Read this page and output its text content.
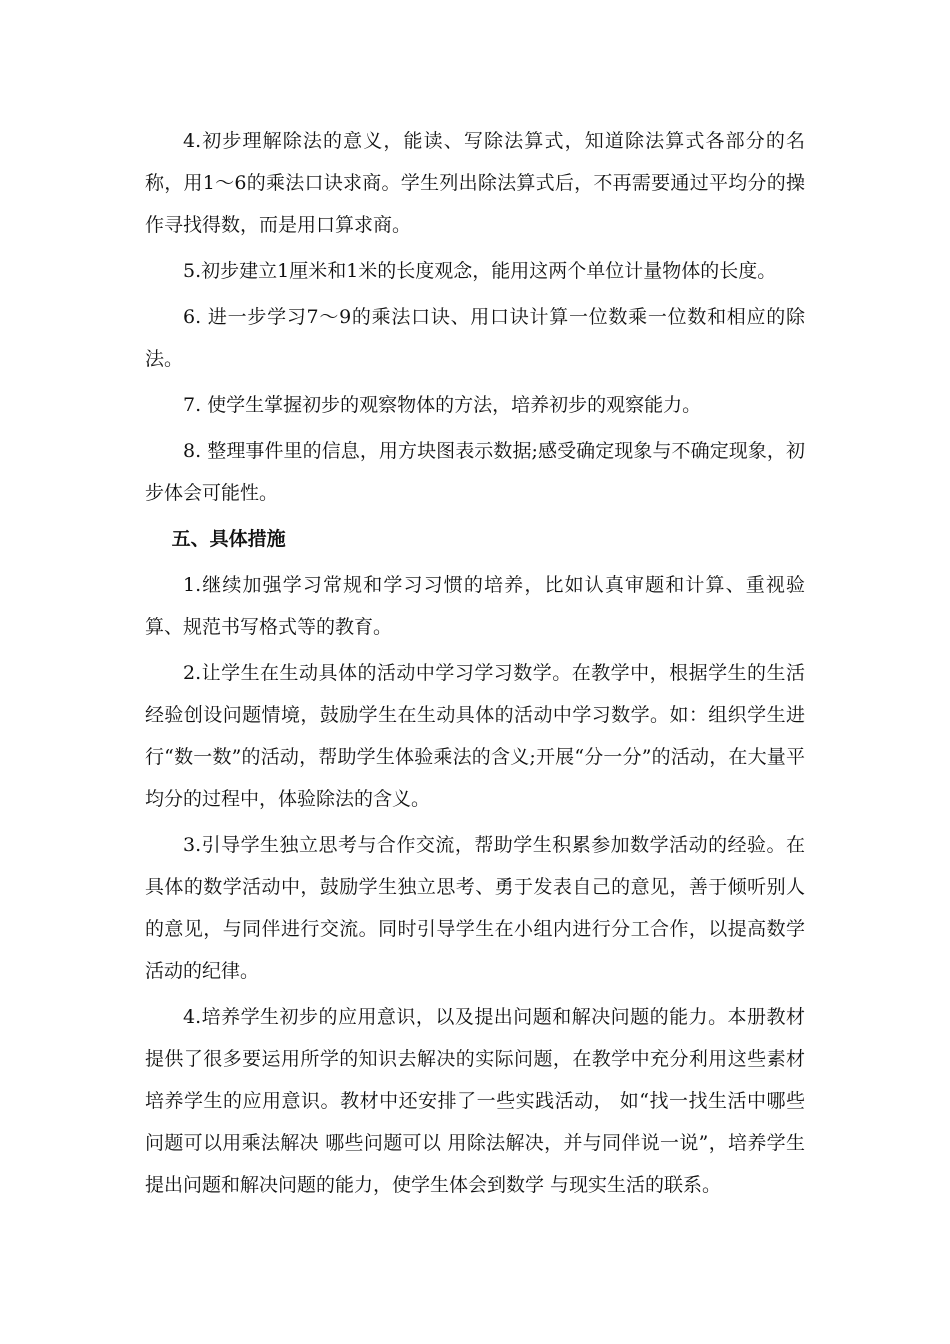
4.初步理解除法的意义，能读、写除法算式，知道除法算式各部分的名称，用1～6的乘法口诀求商。学生列出除法算式后，不再需要通过平均分的操作寻找得数，而是用口算求商。

5.初步建立1厘米和1米的长度观念，能用这两个单位计量物体的长度。

6. 进一步学习7～9的乘法口诀、用口诀计算一位数乘一位数和相应的除法。

7. 使学生掌握初步的观察物体的方法，培养初步的观察能力。

8. 整理事件里的信息，用方块图表示数据;感受确定现象与不确定现象，初步体会可能性。

五、具体措施

1.继续加强学习常规和学习习惯的培养，比如认真审题和计算、重视验算、规范书写格式等的教育。

2.让学生在生动具体的活动中学习学习数学。在教学中，根据学生的生活经验创设问题情境，鼓励学生在生动具体的活动中学习数学。如：组织学生进行“数一数”的活动，帮助学生体验乘法的含义;开展“分一分”的活动，在大量平均分的过程中，体验除法的含义。

3.引导学生独立思考与合作交流，帮助学生积累参加数学活动的经验。在具体的数学活动中，鼓励学生独立思考、勇于发表自己的意见，善于倾听别人的意见，与同伴进行交流。同时引导学生在小组内进行分工合作，以提高数学活动的纪律。

4.培养学生初步的应用意识，以及提出问题和解决问题的能力。本册教材提供了很多要运用所学的知识去解决的实际问题，在教学中充分利用这些素材培养学生的应用意识。教材中还安排了一些实践活动， 如“找一找生活中哪些问题可以用乘法解决 哪些问题可以 用除法解决，并与同伴说一说”，培养学生提出问题和解决问题的能力，使学生体会到数学 与现实生活的联系。
